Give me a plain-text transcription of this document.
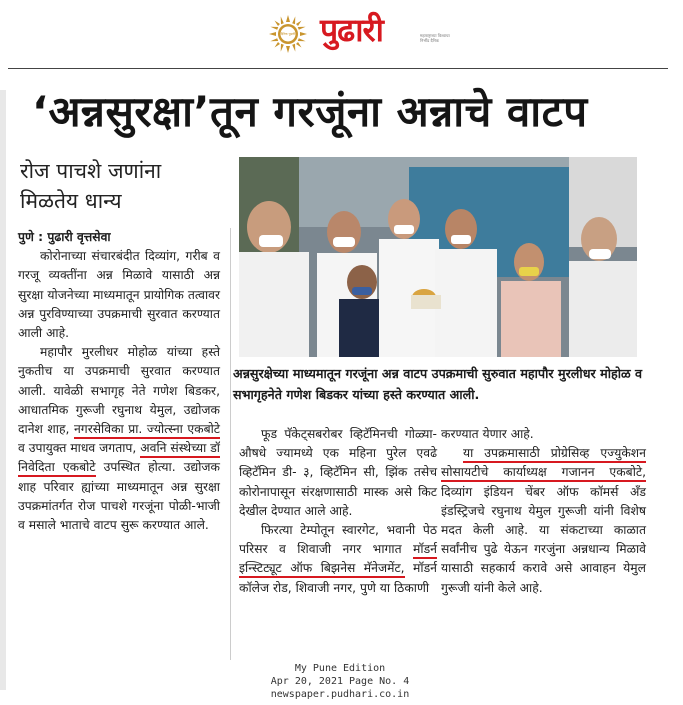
दैनिक पुढारी पुढारी	महाराष्ट्राच्या विश्वाचा निर्भीड दैनिक
‘अन्नसुरक्षा’तून गरजूंना अन्नाचे वाटप
रोज पाचशे जणांना
मिळतेय धान्य
अन्नसुरक्षेच्या माध्यमातून गरजूंना अन्न वाटप उपक्रमाची सुरुवात महापौर मुरलीधर मोहोळ व सभागृहनेते गणेश बिडकर यांच्या हस्ते करण्यात आली.

पुणे : पुढारी वृत्तसेवा

कोरोनाच्या संचारबंदीत दिव्यांग, गरीब व गरजू व्यक्तींना अन्न मिळावे यासाठी अन्न सुरक्षा योजनेच्या माध्यमातून प्रायोगिक तत्वावर अन्न पुरविण्याच्या उपक्रमाची सुरवात करण्यात आली आहे.

महापौर मुरलीधर मोहोळ यांच्या हस्ते नुकतीच या उपक्रमाची सुरवात करण्यात आली. यावेळी सभागृह नेते गणेश बिडकर, आधातमिक गुरूजी रघुनाथ येमुल, उद्योजक दानेश शाह, नगरसेविका प्रा. ज्योत्स्ना एकबोटे व उपायुक्त माधव जगताप, अवनि संस्थेच्या डॉ निवेदिता एकबोटे उपस्थित होत्या. उद्योजक शाह परिवार ह्यांच्या माध्यमातून अन्न सुरक्षा उपक्रमांतर्गत रोज पाचशे गरजूंना पोळी-भाजी व मसाले भाताचे वाटप सुरू करण्यात आले.

फूड पॅकेट्सबरोबर व्हिटॅमिनची गोळ्या-औषधे ज्यामध्ये एक महिना पुरेल एवढे व्हिटॅमिन डी- ३, व्हिटॅमिन सी, झिंक तसेच कोरोनापासून संरक्षणासाठी मास्क असे किट देखील देण्यात आले आहे.

फिरत्या टेम्पोतून स्वारगेट, भवानी पेठ परिसर व शिवाजी नगर भागात मॉडर्न इन्स्टिट्यूट ऑफ बिझनेस मॅनेजमेंट, मॉडर्न कॉलेज रोड, शिवाजी नगर, पुणे या ठिकाणी

करण्यात येणार आहे.

या उपक्रमासाठी प्रोग्रेसिव्ह एज्युकेशन सोसायटीचे कार्याध्यक्ष गजानन एकबोटे, दिव्यांग इंडियन चेंबर ऑफ कॉमर्स अँड इंडस्ट्रिजचे रघुनाथ येमुल गुरूजी यांनी विशेष मदत केली आहे. या संकटाच्या काळात सर्वांनीच पुढे येऊन गरजुंना अन्नधान्य मिळावे यासाठी सहकार्य करावे असे आवाहन येमुल गुरूजी यांनी केले आहे.

My Pune Edition
Apr 20, 2021 Page No. 4
newspaper.pudhari.co.in
